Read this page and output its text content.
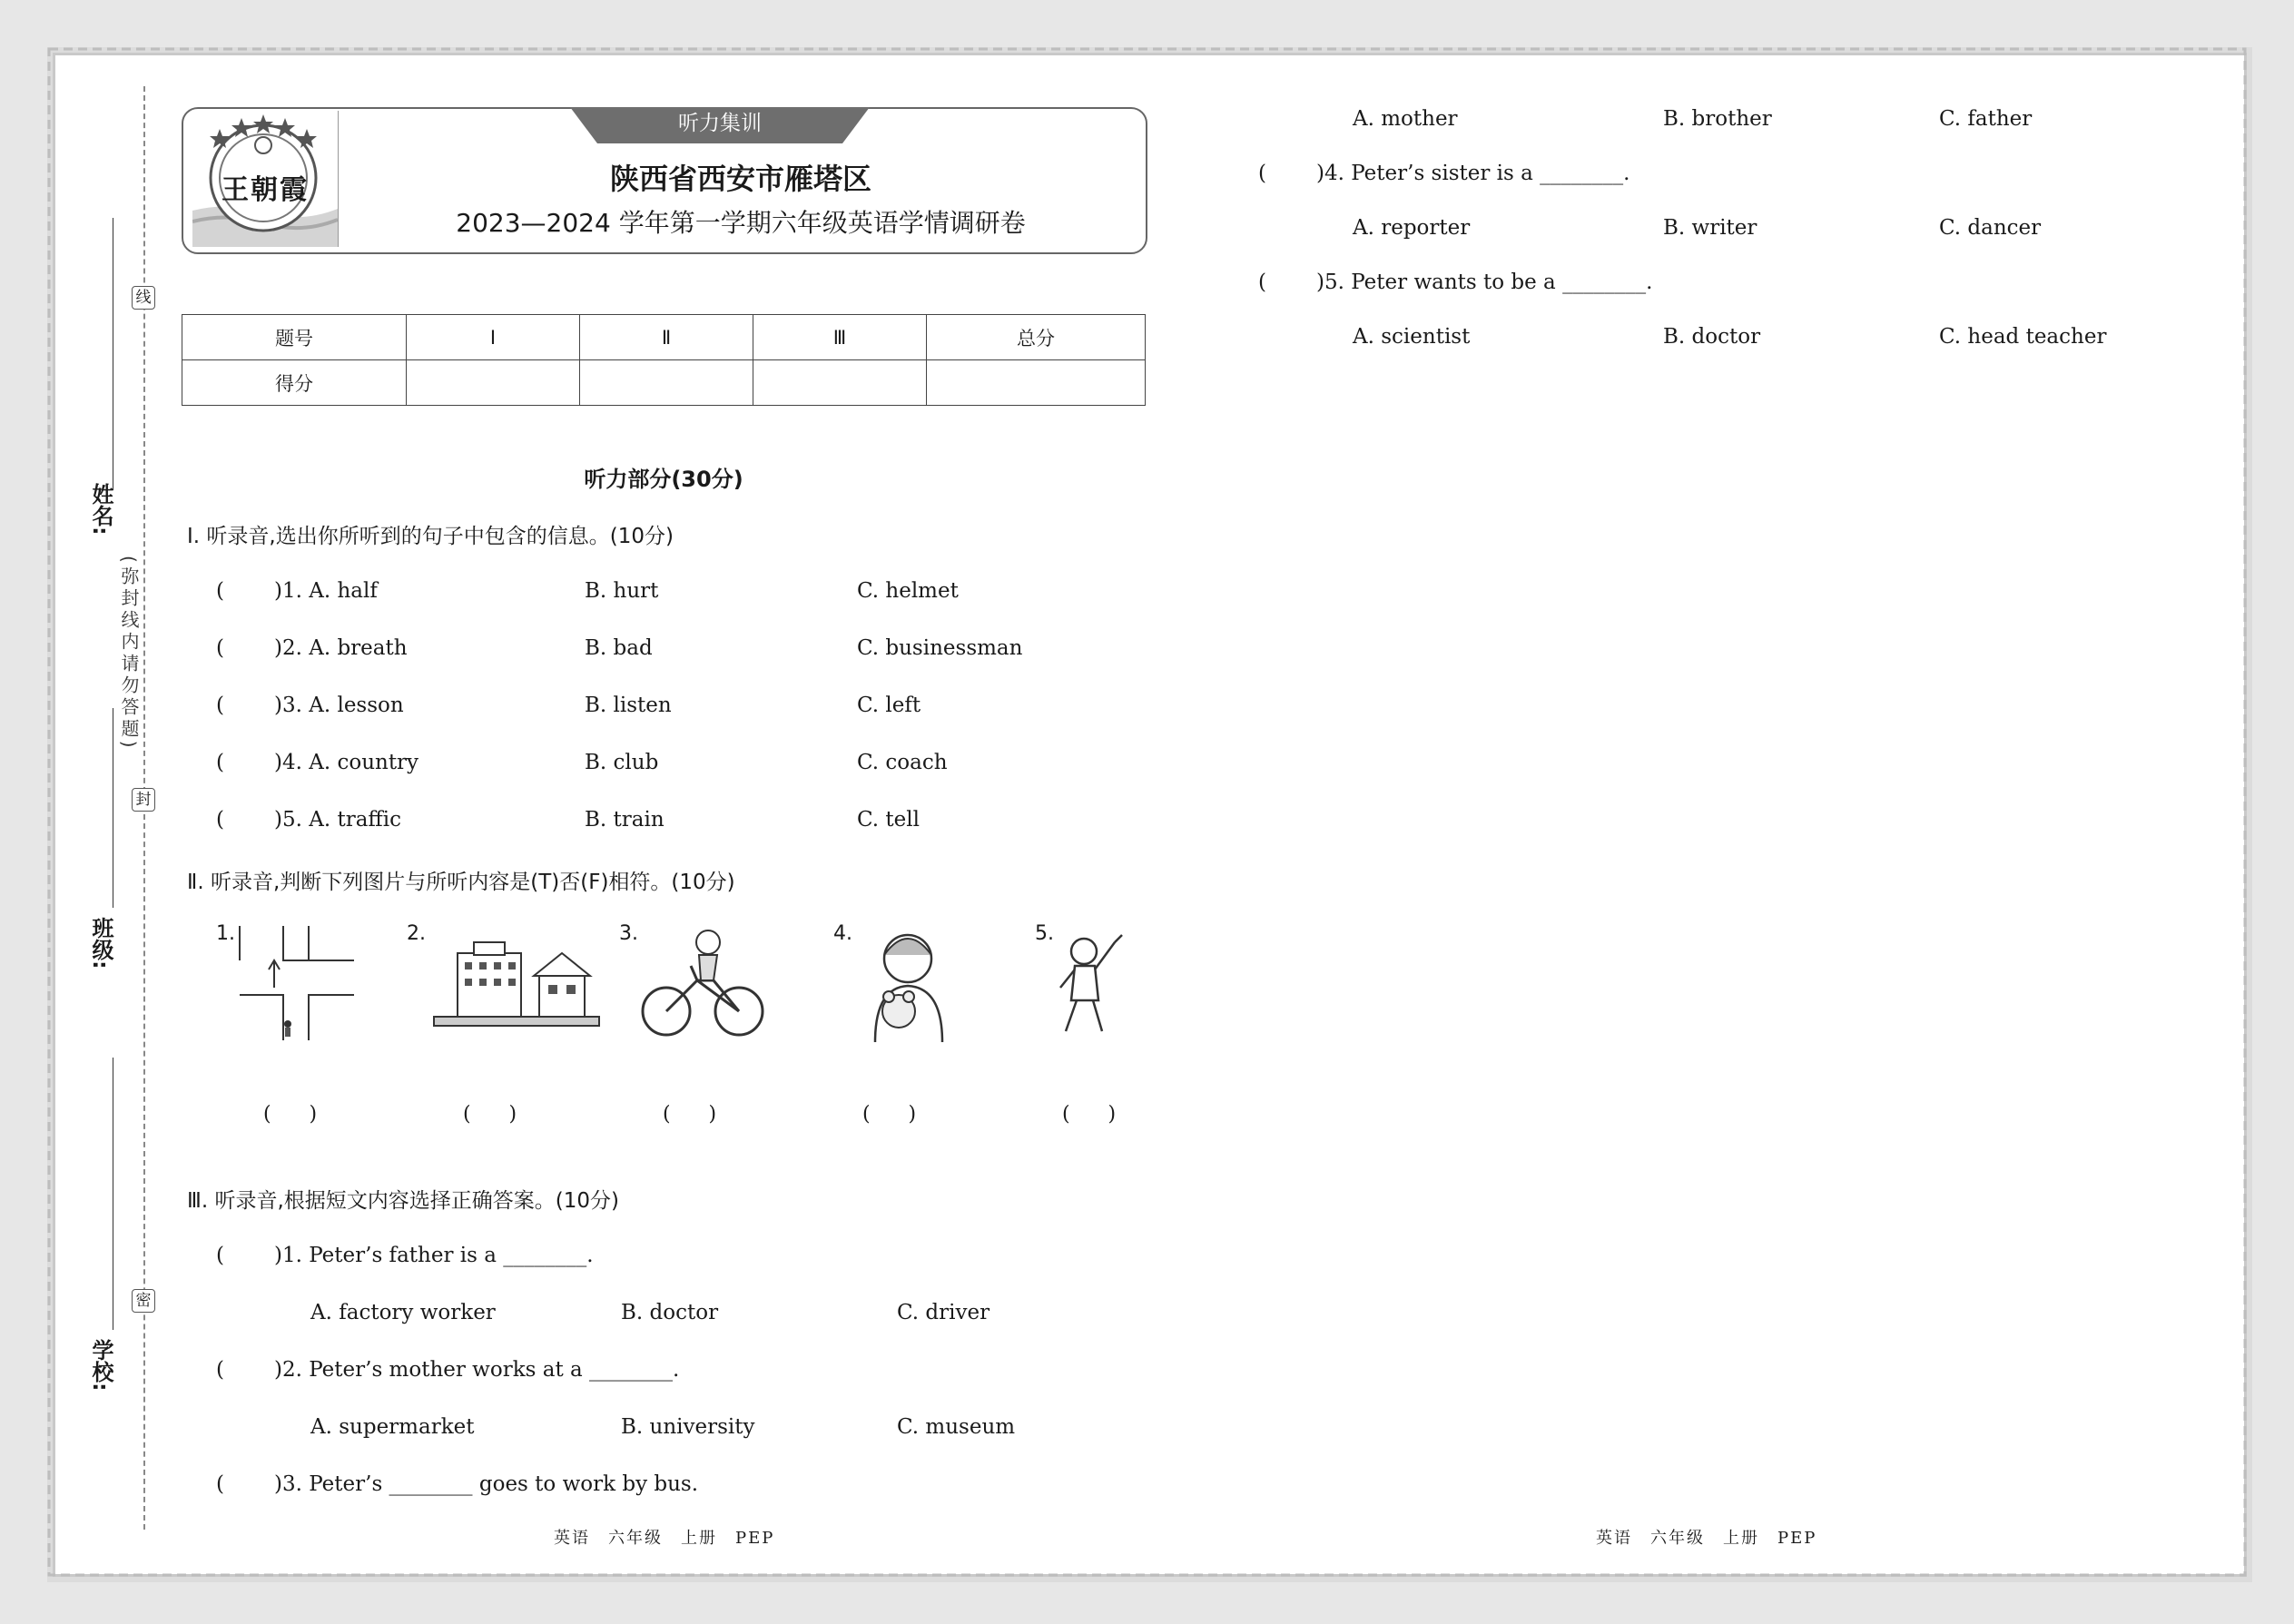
线
封
密
(弥封线内请勿答题)
姓名:
班级:
学校:
听力集训
王朝霞	陕西省西安市雁塔区
2023—2024 学年第一学期六年级英语学情调研卷
题号	Ⅰ	Ⅱ	Ⅲ	总分
得分				
听力部分(30分)
Ⅰ. 听录音,选出你所听到的句子中包含的信息。(10分)
( )1. A. half	B. hurt	C. helmet
( )2. A. breath	B. bad	C. businessman
( )3. A. lesson	B. listen	C. left
( )4. A. country	B. club	C. coach
( )5. A. traffic	B. train	C. tell
Ⅱ. 听录音,判断下列图片与所听内容是(T)否(F)相符。(10分)
1.	2.	3.	4.	5.
(      )	(      )	(      )	(      )	(      )
Ⅲ. 听录音,根据短文内容选择正确答案。(10分)
( )1. Peter’s father is a ________.
A. factory worker	B. doctor	C. driver
( )2. Peter’s mother works at a ________.
A. supermarket	B. university	C. museum
( )3. Peter’s ________ goes to work by bus.
A. mother	B. brother	C. father
( )4. Peter’s sister is a ________.
A. reporter	B. writer	C. dancer
( )5. Peter wants to be a ________.
A. scientist	B. doctor	C. head teacher
英语　六年级　上册　PEP	英语　六年级　上册　PEP
